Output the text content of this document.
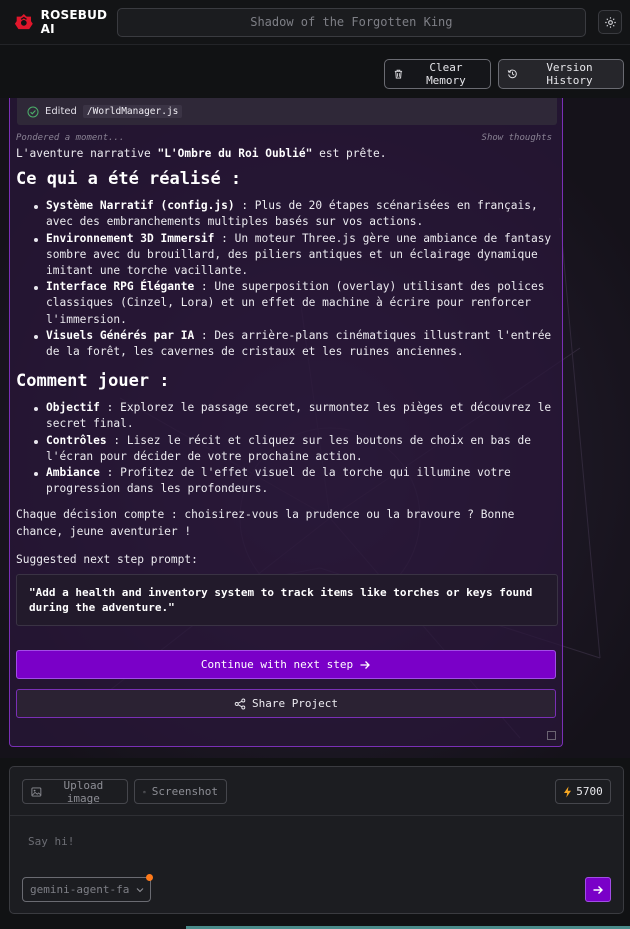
ROSEBUD AI
Shadow of the Forgotten King
Clear Memory
Version History
Edited	/WorldManager.js
Pondered a moment...	Show thoughts

L'aventure narrative "L'Ombre du Roi Oublié" est prête.

Ce qui a été réalisé :
Système Narratif (config.js) : Plus de 20 étapes scénarisées en français, avec des embranchements multiples basés sur vos actions.
Environnement 3D Immersif : Un moteur Three.js gère une ambiance de fantasy sombre avec du brouillard, des piliers antiques et un éclairage dynamique imitant une torche vacillante.
Interface RPG Élégante : Une superposition (overlay) utilisant des polices classiques (Cinzel, Lora) et un effet de machine à écrire pour renforcer l'immersion.
Visuels Générés par IA : Des arrière-plans cinématiques illustrant l'entrée de la forêt, les cavernes de cristaux et les ruines anciennes.
Comment jouer :
Objectif : Explorez le passage secret, surmontez les pièges et découvrez le secret final.
Contrôles : Lisez le récit et cliquez sur les boutons de choix en bas de l'écran pour décider de votre prochaine action.
Ambiance : Profitez de l'effet visuel de la torche qui illumine votre progression dans les profondeurs.

Chaque décision compte : choisirez-vous la prudence ou la bravoure ? Bonne chance, jeune aventurier !

Suggested next step prompt:
"Add a health and inventory system to track items like torches or keys found during the adventure."
Continue with next step
Share Project
Upload image	Screenshot	5700
Say hi!
gemini-agent-fa
